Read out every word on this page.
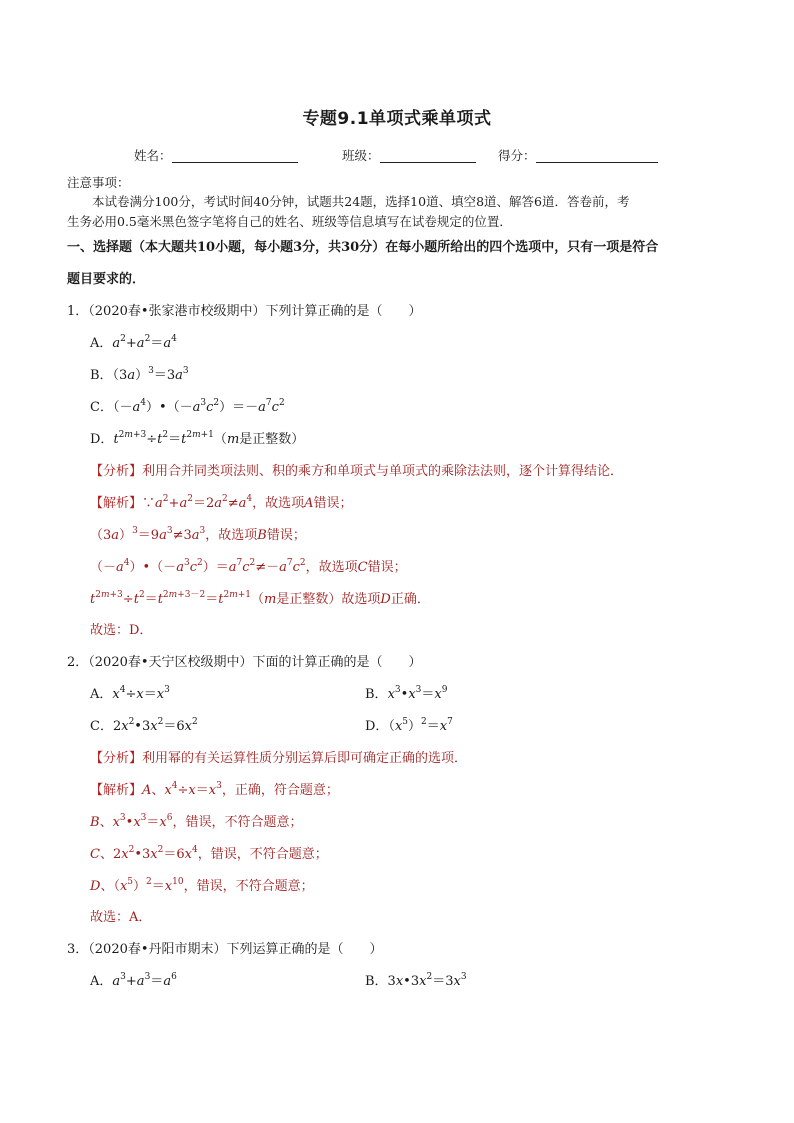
专题9.1单项式乘单项式
姓名：	班级：	得分：
注意事项：
本试卷满分100分，考试时间40分钟，试题共24题，选择10道、填空8道、解答6道．答卷前，考
生务必用0.5毫米黑色签字笔将自己的姓名、班级等信息填写在试卷规定的位置．
一、选择题（本大题共10小题，每小题3分，共30分）在每小题所给出的四个选项中，只有一项是符合
题目要求的．
1．（2020春•张家港市校级期中）下列计算正确的是（　　）
A．$a^2+a^2=a^4$
B．$(3a)^3=3a^3$
C．$(-a^4)•(-a^3c^2)=-a^7c^2$
D．$t^{2m+3}\div t^2=t^{2m+1}(m$是正整数）
【分析】利用合并同类项法则、积的乘方和单项式与单项式的乘除法法则，逐个计算得结论．
【解析】$\because a^2+a^2=2a^2\ne a^4$，故选项A错误；
$(3a)^3=9a^3\ne 3a^3$，故选项B错误；
$(-a^4)•(-a^3c^2)=a^7c^2\ne-a^7c^2$，故选项C错误；
$t^{2m+3}\div t^2=t^{2m+3-2}=t^{2m+1}(m$是正整数）故选项D正确．
故选：D．
2．（2020春•天宁区校级期中）下面的计算正确的是（　　）
A．$x^4\div x=x^3$	B．$x^3•x^3=x^9$
C．$2x^2•3x^2=6x^2$	D．$(x^5)^2=x^7$
【分析】利用幂的有关运算性质分别运算后即可确定正确的选项．
【解析】A、$x^4\div x=x^3$，正确，符合题意；
B、$x^3•x^3=x^6$，错误，不符合题意；
C、$2x^2•3x^2=6x^4$，错误，不符合题意；
D、$(x^5)^2=x^{10}$，错误，不符合题意；
故选：A．
3．（2020春•丹阳市期末）下列运算正确的是（　　）
A．$a^3+a^3=a^6$	B．$3x•3x^2=3x^3$
